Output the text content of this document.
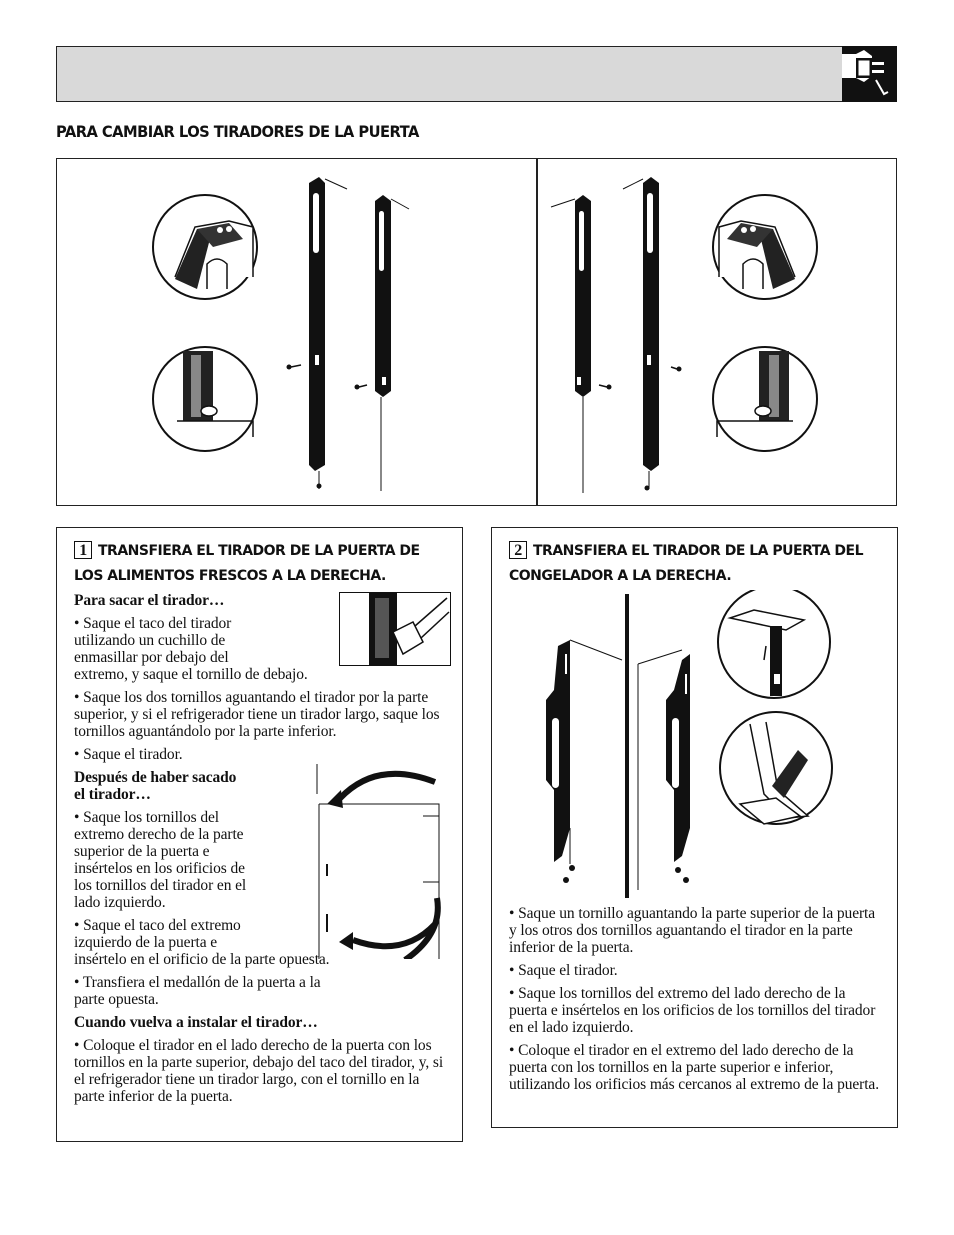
PARA CAMBIAR LOS TIRADORES DE LA PUERTA
1 TRANSFIERA EL TIRADOR DE LA PUERTA DE
LOS ALIMENTOS FRESCOS A LA DERECHA.
Para sacar el tirador…
• Saque el taco del tirador
utilizando un cuchillo de
enmasillar por debajo del
extremo, y saque el tornillo de debajo.
• Saque los dos tornillos aguantando el tirador por la parte superior, y si el refrigerador tiene un tirador largo, saque los tornillos aguantándolo por la parte inferior.
• Saque el tirador.
Después de haber sacado
el tirador…
• Saque los tornillos del
extremo derecho de la parte
superior de la puerta e
insértelos en los orificios de
los tornillos del tirador en el
lado izquierdo.
• Saque el taco del extremo
izquierdo de la puerta e
insértelo en el orificio de la parte opuesta.
• Transfiera el medallón de la puerta a la
parte opuesta.
Cuando vuelva a instalar el tirador…
• Coloque el tirador en el lado derecho de la puerta con los tornillos en la parte superior, debajo del taco del tirador, y, si el refrigerador tiene un tirador largo, con el tornillo en la parte inferior de la puerta.
2 TRANSFIERA EL TIRADOR DE LA PUERTA DEL
CONGELADOR A LA DERECHA.
• Saque un tornillo aguantando la parte superior de la puerta y los otros dos tornillos aguantando el tirador en la parte inferior de la puerta.
• Saque el tirador.
• Saque los tornillos del extremo del lado derecho de la puerta e insértelos en los orificios de los tornillos del tirador en el lado izquierdo.
• Coloque el tirador en el extremo del lado derecho de la puerta con los tornillos en la parte superior e inferior, utilizando los orificios más cercanos al extremo de la puerta.
